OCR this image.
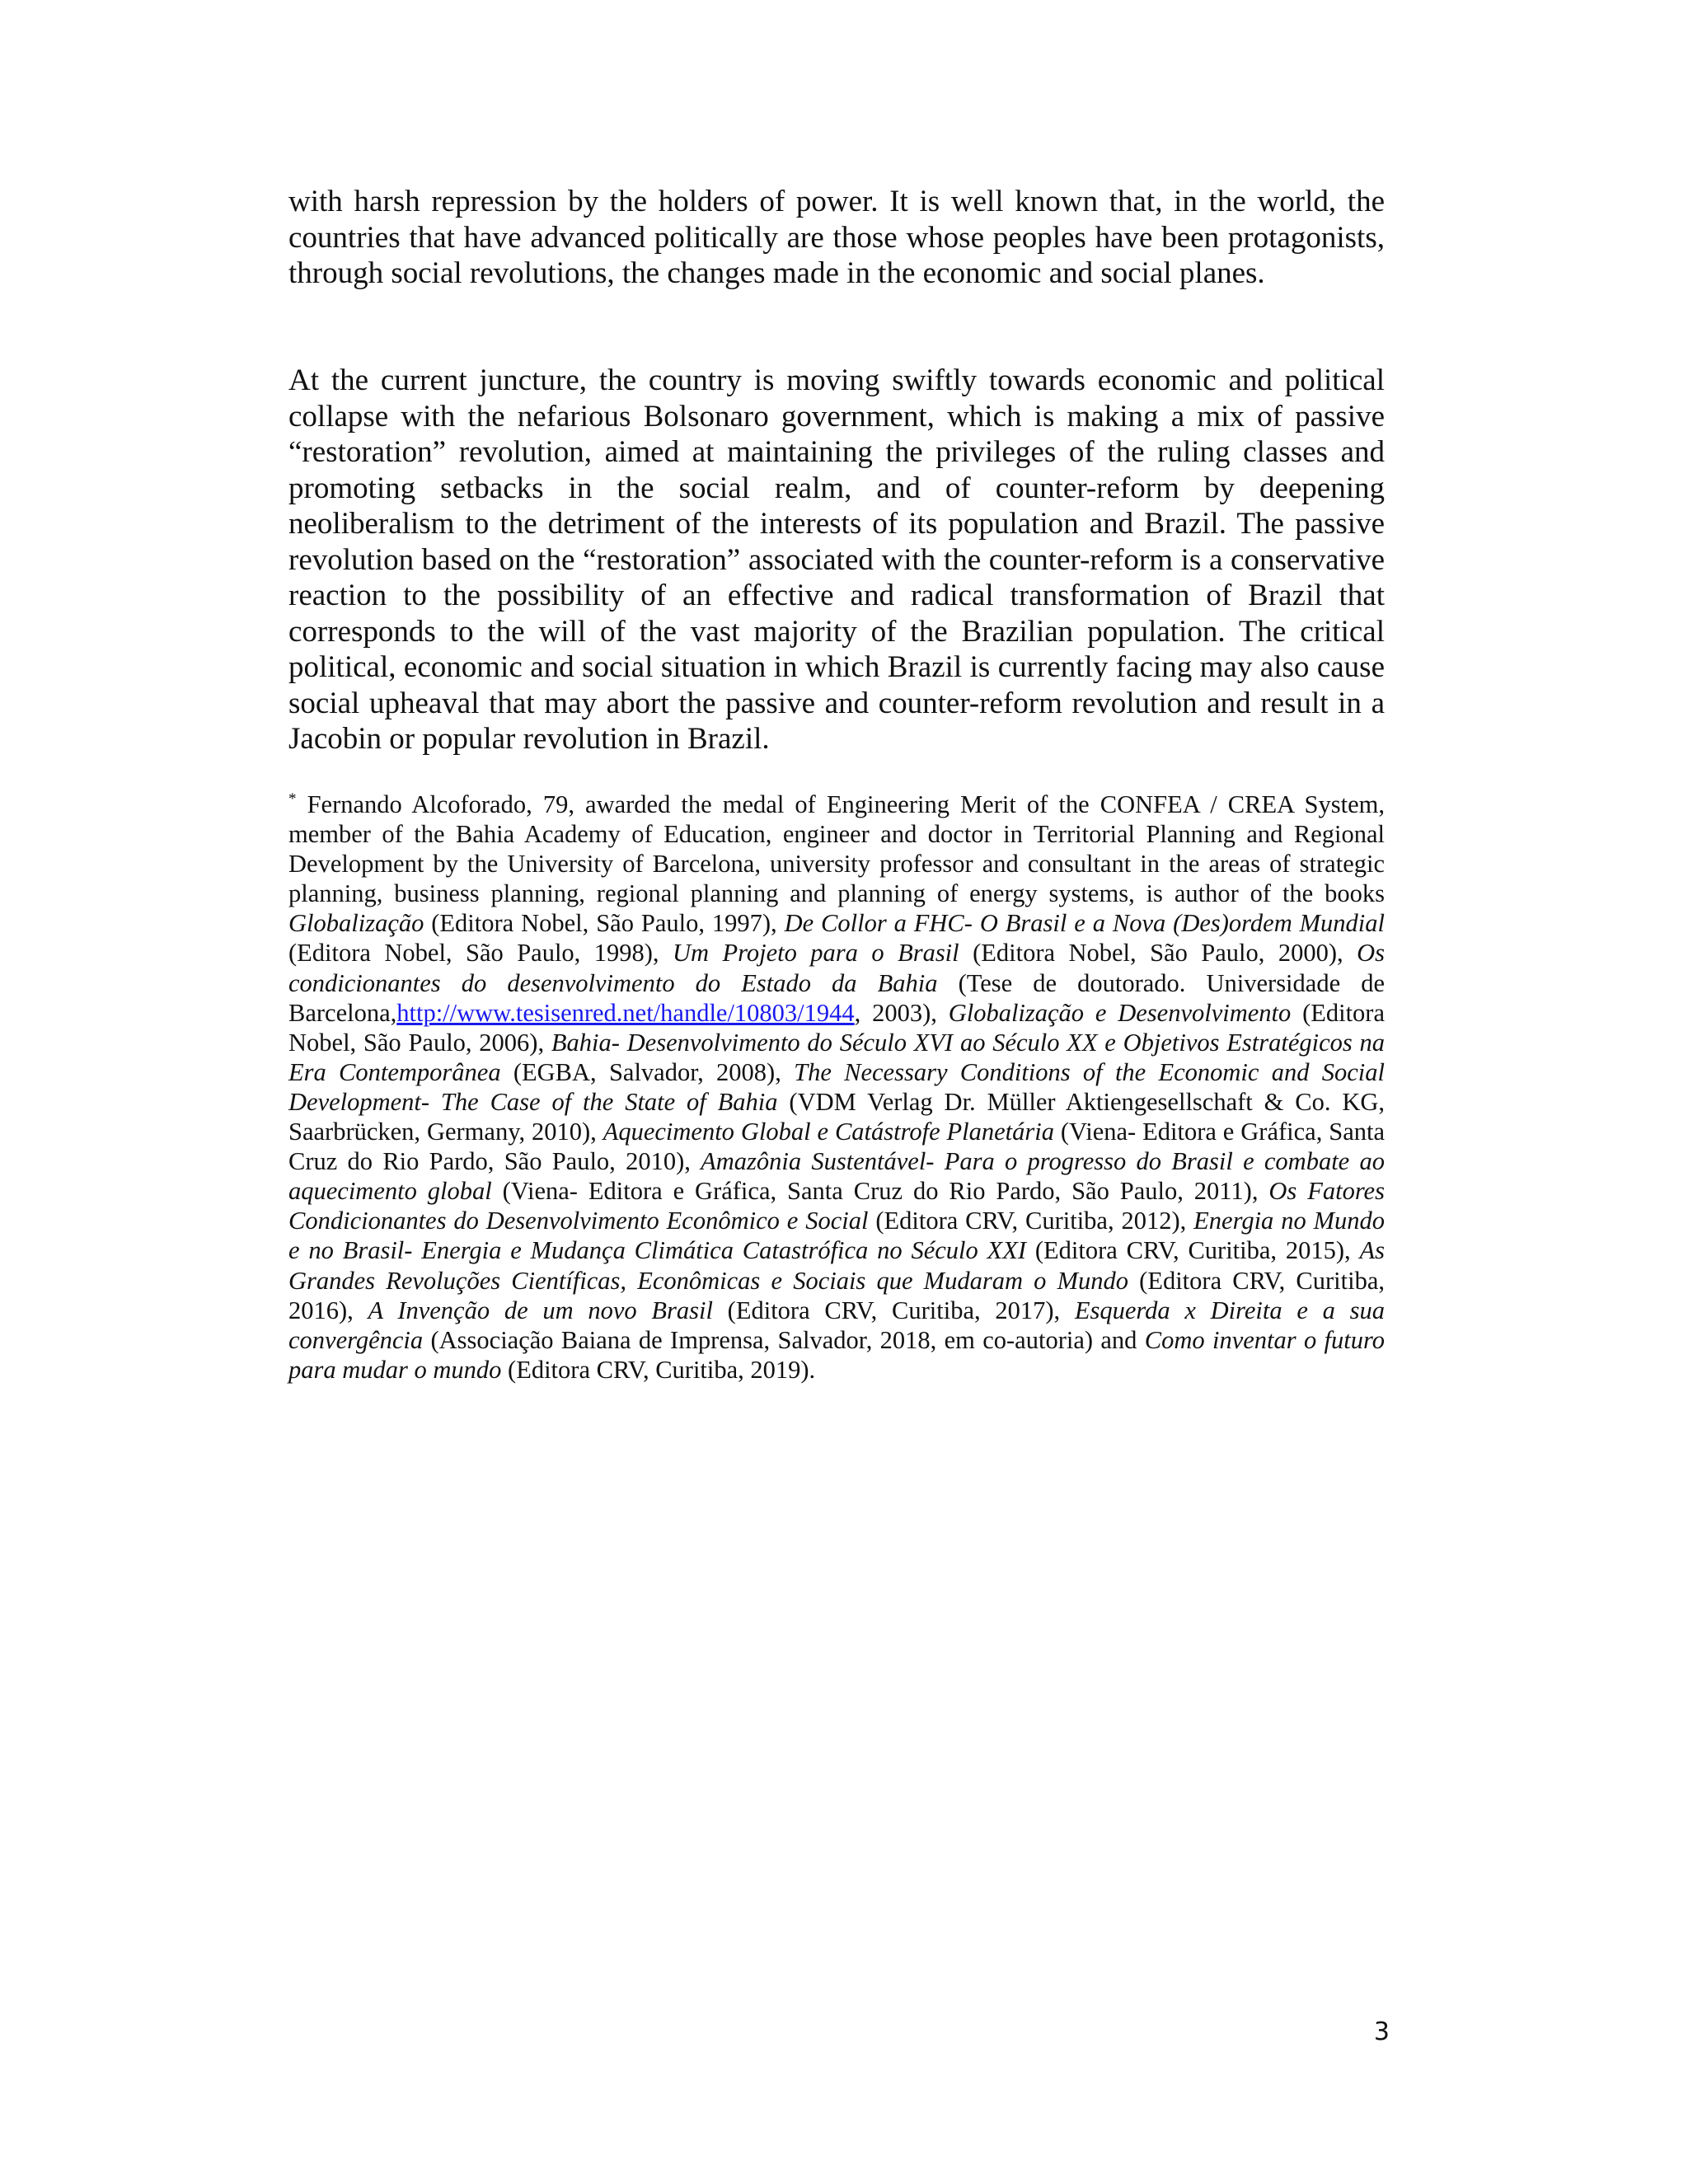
with harsh repression by the holders of power. It is well known that, in the world, the countries that have advanced politically are those whose peoples have been protagonists, through social revolutions, the changes made in the economic and social planes.

At the current juncture, the country is moving swiftly towards economic and political collapse with the nefarious Bolsonaro government, which is making a mix of passive “restoration” revolution, aimed at maintaining the privileges of the ruling classes and promoting setbacks in the social realm, and of counter-reform by deepening neoliberalism to the detriment of the interests of its population and Brazil. The passive revolution based on the “restoration” associated with the counter-reform is a conservative reaction to the possibility of an effective and radical transformation of Brazil that corresponds to the will of the vast majority of the Brazilian population. The critical political, economic and social situation in which Brazil is currently facing may also cause social upheaval that may abort the passive and counter-reform revolution and result in a Jacobin or popular revolution in Brazil.

* Fernando Alcoforado, 79, awarded the medal of Engineering Merit of the CONFEA / CREA System, member of the Bahia Academy of Education, engineer and doctor in Territorial Planning and Regional Development by the University of Barcelona, university professor and consultant in the areas of strategic planning, business planning, regional planning and planning of energy systems, is author of the books Globalização (Editora Nobel, São Paulo, 1997), De Collor a FHC- O Brasil e a Nova (Des)ordem Mundial (Editora Nobel, São Paulo, 1998), Um Projeto para o Brasil (Editora Nobel, São Paulo, 2000), Os condicionantes do desenvolvimento do Estado da Bahia (Tese de doutorado. Universidade de Barcelona,http://www.tesisenred.net/handle/10803/1944, 2003), Globalização e Desenvolvimento (Editora Nobel, São Paulo, 2006), Bahia- Desenvolvimento do Século XVI ao Século XX e Objetivos Estratégicos na Era Contemporânea (EGBA, Salvador, 2008), The Necessary Conditions of the Economic and Social Development- The Case of the State of Bahia (VDM Verlag Dr. Müller Aktiengesellschaft & Co. KG, Saarbrücken, Germany, 2010), Aquecimento Global e Catástrofe Planetária (Viena- Editora e Gráfica, Santa Cruz do Rio Pardo, São Paulo, 2010), Amazônia Sustentável- Para o progresso do Brasil e combate ao aquecimento global (Viena- Editora e Gráfica, Santa Cruz do Rio Pardo, São Paulo, 2011), Os Fatores Condicionantes do Desenvolvimento Econômico e Social (Editora CRV, Curitiba, 2012), Energia no Mundo e no Brasil- Energia e Mudança Climática Catastrófica no Século XXI (Editora CRV, Curitiba, 2015), As Grandes Revoluções Científicas, Econômicas e Sociais que Mudaram o Mundo (Editora CRV, Curitiba, 2016), A Invenção de um novo Brasil (Editora CRV, Curitiba, 2017), Esquerda x Direita e a sua convergência (Associação Baiana de Imprensa, Salvador, 2018, em co-autoria) and Como inventar o futuro para mudar o mundo (Editora CRV, Curitiba, 2019).

3
